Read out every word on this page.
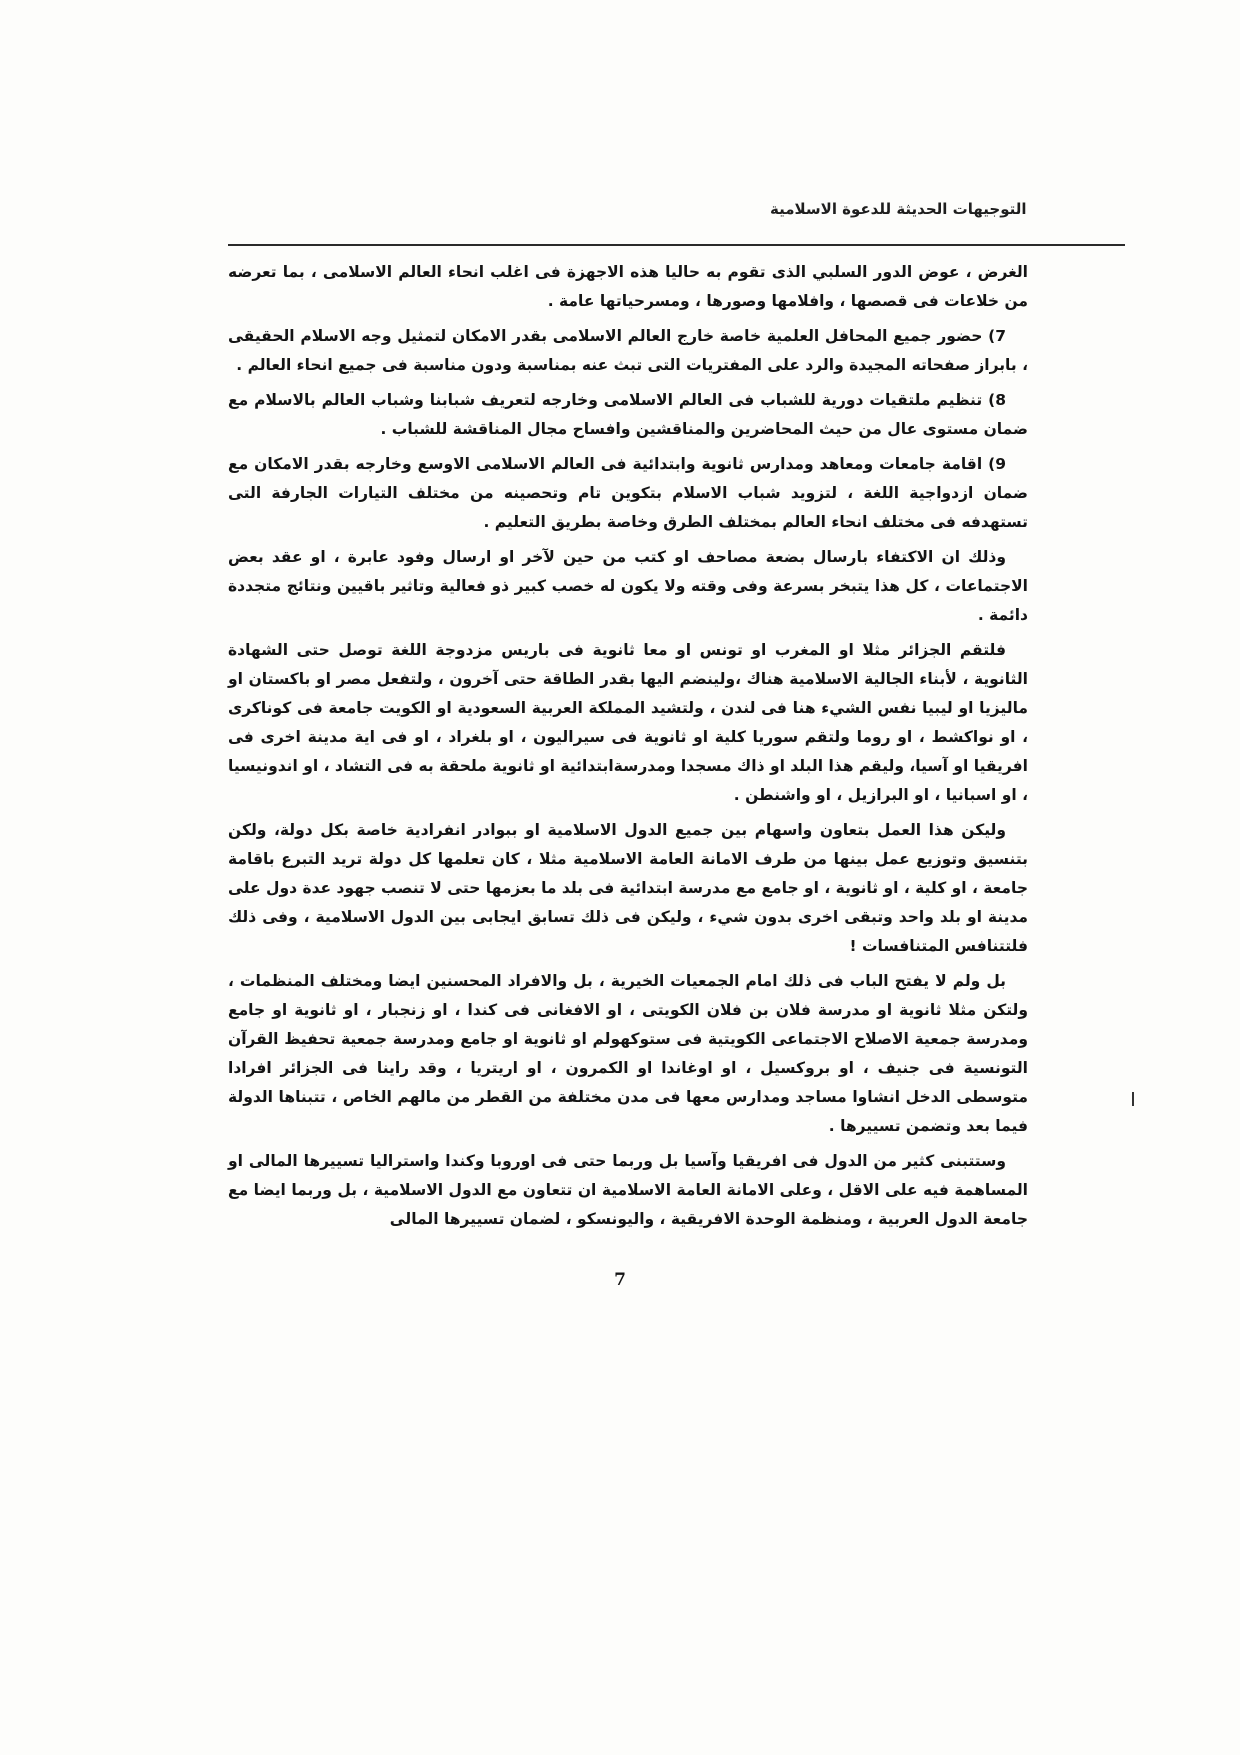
التوجيهات الحديثة للدعوة الاسلامية

الغرض ، عوض الدور السلبي الذى تقوم به حاليا هذه الاجهزة فى اغلب انحاء العالم الاسلامى ، بما تعرضه من خلاعات فى قصصها ، وافلامها وصورها ، ومسرحياتها عامة .

7) حضور جميع المحافل العلمية خاصة خارج العالم الاسلامى بقدر الامكان لتمثيل وجه الاسلام الحقيقى ، بابراز صفحاته المجيدة والرد على المفتريات التى تبث عنه بمناسبة ودون مناسبة فى جميع انحاء العالم .

8) تنظيم ملتقيات دورية للشباب فى العالم الاسلامى وخارجه لتعريف شبابنا وشباب العالم بالاسلام مع ضمان مستوى عال من حيث المحاضرين والمناقشين وافساح مجال المناقشة للشباب .

9) اقامة جامعات ومعاهد ومدارس ثانوية وابتدائية فى العالم الاسلامى الاوسع وخارجه بقدر الامكان مع ضمان ازدواجية اللغة ، لتزويد شباب الاسلام بتكوين تام وتحصينه من مختلف التيارات الجارفة التى تستهدفه فى مختلف انحاء العالم بمختلف الطرق وخاصة بطريق التعليم .

وذلك ان الاكتفاء بارسال بضعة مصاحف او كتب من حين لآخر او ارسال وفود عابرة ، او عقد بعض الاجتماعات ، كل هذا يتبخر بسرعة وفى وقته ولا يكون له خصب كبير ذو فعالية وتاثير باقيين ونتائج متجددة دائمة .

فلتقم الجزائر مثلا او المغرب او تونس او معا ثانوية فى باريس مزدوجة اللغة توصل حتى الشهادة الثانوية ، لأبناء الجالية الاسلامية هناك ،ولينضم اليها بقدر الطاقة حتى آخرون ، ولتفعل مصر او باكستان او ماليزيا او ليبيا نفس الشيء هنا فى لندن ، ولتشيد المملكة العربية السعودية او الكويت جامعة فى كوناكرى ، او نواكشط ، او روما ولتقم سوريا كلية او ثانوية فى سيراليون ، او بلغراد ، او فى اية مدينة اخرى فى افريقيا او آسيا، وليقم هذا البلد او ذاك مسجدا ومدرسةابتدائية او ثانوية ملحقة به فى التشاد ، او اندونيسيا ، او اسبانيا ، او البرازيل ، او واشنطن .

وليكن هذا العمل بتعاون واسهام بين جميع الدول الاسلامية او ببوادر انفرادية خاصة بكل دولة، ولكن بتنسيق وتوزيع عمل بينها من طرف الامانة العامة الاسلامية مثلا ، كان تعلمها كل دولة تريد التبرع باقامة جامعة ، او كلية ، او ثانوية ، او جامع مع مدرسة ابتدائية فى بلد ما بعزمها حتى لا تنصب جهود عدة دول على مدينة او بلد واحد وتبقى اخرى بدون شيء ، وليكن فى ذلك تسابق ايجابى بين الدول الاسلامية ، وفى ذلك فلتتنافس المتنافسات !

بل ولم لا يفتح الباب فى ذلك امام الجمعيات الخيرية ، بل والافراد المحسنين ايضا ومختلف المنظمات ، ولتكن مثلا ثانوية او مدرسة فلان بن فلان الكويتى ، او الافغانى فى كندا ، او زنجبار ، او ثانوية او جامع ومدرسة جمعية الاصلاح الاجتماعى الكويتية فى ستوكهولم او ثانوية او جامع ومدرسة جمعية تحفيظ القرآن التونسية فى جنيف ، او بروكسيل ، او اوغاندا او الكمرون ، او اريتريا ، وقد راينا فى الجزائر افرادا متوسطى الدخل انشاوا مساجد ومدارس معها فى مدن مختلفة من القطر من مالهم الخاص ، تتبناها الدولة فيما بعد وتضمن تسييرها .

وستتبنى كثير من الدول فى افريقيا وآسيا بل وربما حتى فى اوروبا وكندا واستراليا تسييرها المالى او المساهمة فيه على الاقل ، وعلى الامانة العامة الاسلامية ان تتعاون مع الدول الاسلامية ، بل وربما ايضا مع جامعة الدول العربية ، ومنظمة الوحدة الافريقية ، واليونسكو ، لضمان تسييرها المالى

7
